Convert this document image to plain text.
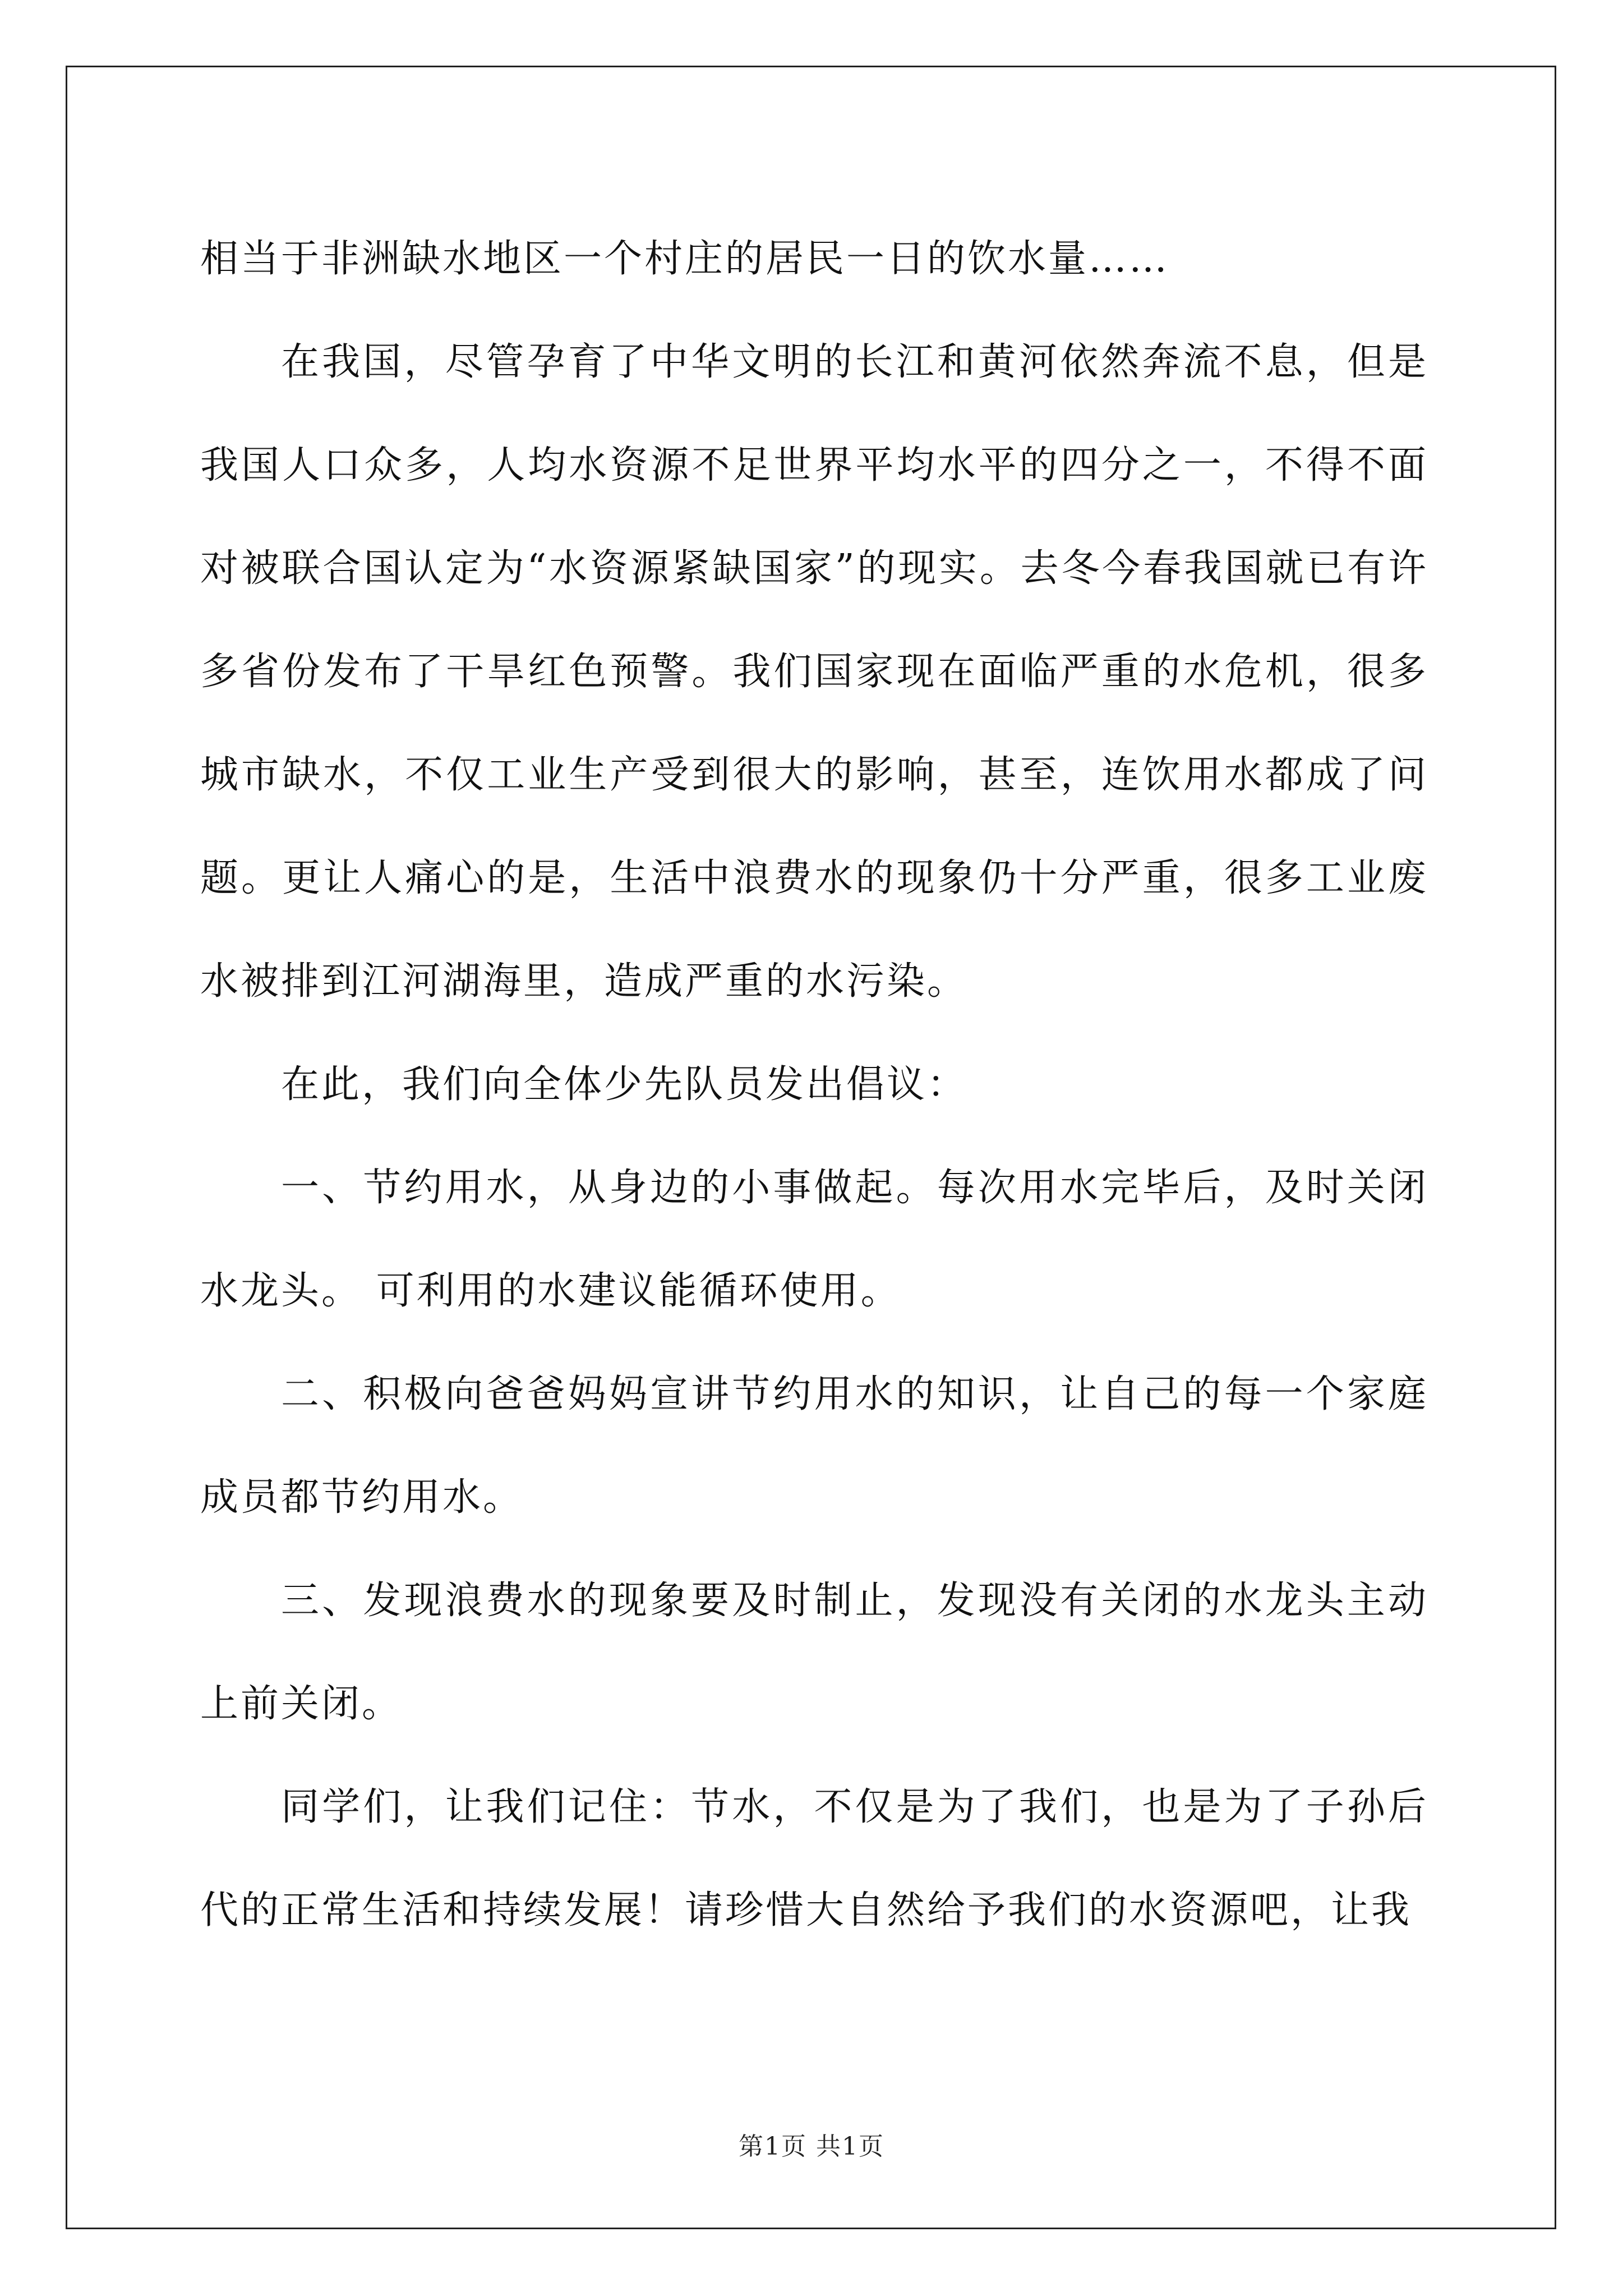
相当于非洲缺水地区一个村庄的居民一日的饮水量……

在我国，尽管孕育了中华文明的长江和黄河依然奔流不息，但是我国人口众多，人均水资源不足世界平均水平的四分之一，不得不面对被联合国认定为“水资源紧缺国家”的现实。去冬今春我国就已有许多省份发布了干旱红色预警。我们国家现在面临严重的水危机，很多城市缺水，不仅工业生产受到很大的影响，甚至，连饮用水都成了问题。更让人痛心的是，生活中浪费水的现象仍十分严重，很多工业废水被排到江河湖海里，造成严重的水污染。

在此，我们向全体少先队员发出倡议：

一、节约用水，从身边的小事做起。每次用水完毕后，及时关闭水龙头。 可利用的水建议能循环使用。

二、积极向爸爸妈妈宣讲节约用水的知识，让自己的每一个家庭成员都节约用水。

三、发现浪费水的现象要及时制止，发现没有关闭的水龙头主动上前关闭。

同学们，让我们记住：节水，不仅是为了我们，也是为了子孙后代的正常生活和持续发展！请珍惜大自然给予我们的水资源吧，让我

第1页 共1页
